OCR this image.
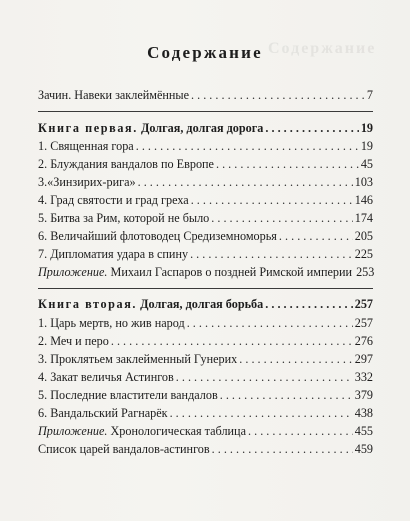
Содержание
Содержание
Зачин. Навеки заклеймённые . . .	7
Книга первая. Долгая, долгая дорога . . .	19
1. Священная гора . . .	19
2. Блуждания вандалов по Европе . . .	45
3.«Зинзирих-рига» . . .	103
4. Град святости и град греха . . .	146
5. Битва за Рим, которой не было . . .	174
6. Величайший флотоводец Средиземноморья . . .	205
7. Дипломатия удара в спину . . .	225
Приложение. Михаил Гаспаров о поздней Римской империи 253
Книга вторая. Долгая, долгая борьба . . .	257
1. Царь мертв, но жив народ . . .	257
2. Меч и перо . . .	276
3. Проклятьем заклейменный Гунерих . . .	297
4. Закат величья Астингов . . .	332
5. Последние властители вандалов . . .	379
6. Вандальский Рагнарёк . . .	438
Приложение. Хронологическая таблица . . .	455
Список царей вандалов-астингов . . .	459
